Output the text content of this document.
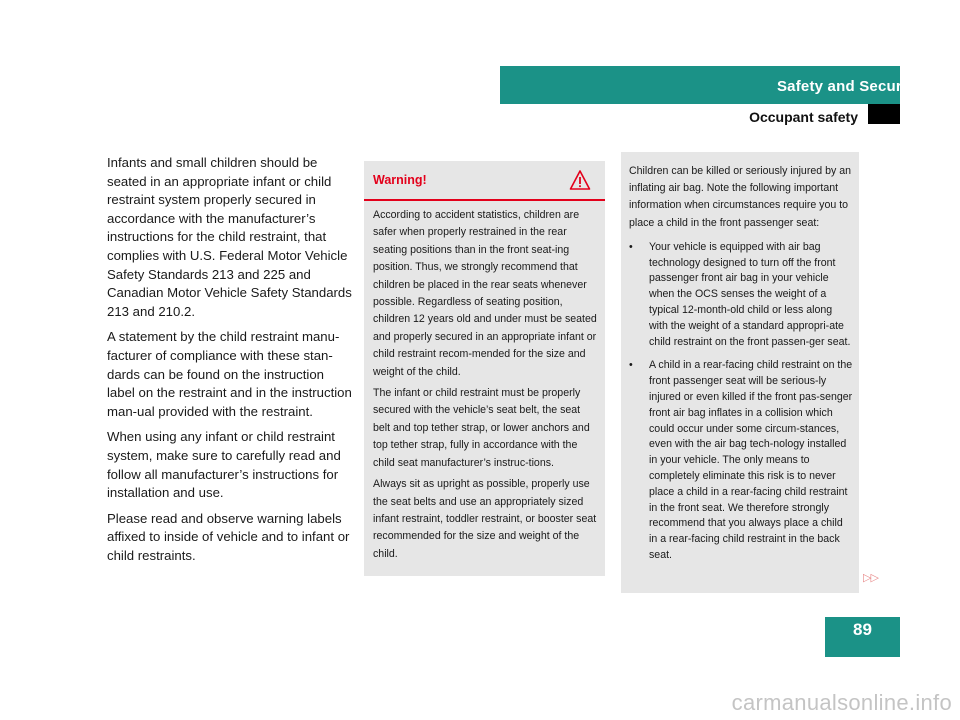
Safety and Security
Occupant safety

Infants and small children should be seated in an appropriate infant or child restraint system properly secured in accordance with the manufacturer’s instructions for the child restraint, that complies with U.S. Federal Motor Vehicle Safety Standards 213 and 225 and Canadian Motor Vehicle Safety Standards 213 and 210.2.

A statement by the child restraint manu-facturer of compliance with these stan-dards can be found on the instruction label on the restraint and in the instruction man-ual provided with the restraint.

When using any infant or child restraint system, make sure to carefully read and follow all manufacturer’s instructions for installation and use.

Please read and observe warning labels affixed to inside of vehicle and to infant or child restraints.

Warning!

According to accident statistics, children are safer when properly restrained in the rear seating positions than in the front seat-ing position. Thus, we strongly recommend that children be placed in the rear seats whenever possible. Regardless of seating position, children 12 years old and under must be seated and properly secured in an appropriate infant or child restraint recom-mended for the size and weight of the child.

The infant or child restraint must be properly secured with the vehicle’s seat belt, the seat belt and top tether strap, or lower anchors and top tether strap, fully in accordance with the child seat manufacturer’s instruc-tions.

Always sit as upright as possible, properly use the seat belts and use an appropriately sized infant restraint, toddler restraint, or booster seat recommended for the size and weight of the child.

Children can be killed or seriously injured by an inflating air bag. Note the following important information when circumstances require you to place a child in the front passenger seat:

• Your vehicle is equipped with air bag technology designed to turn off the front passenger front air bag in your vehicle when the OCS senses the weight of a typical 12-month-old child or less along with the weight of a standard appropri-ate child restraint on the front passen-ger seat.
• A child in a rear-facing child restraint on the front passenger seat will be serious-ly injured or even killed if the front pas-senger front air bag inflates in a collision which could occur under some circum-stances, even with the air bag tech-nology installed in your vehicle. The only means to completely eliminate this risk is to never place a child in a rear-facing child restraint in the front seat. We therefore strongly recommend that you always place a child in a rear-facing child restraint in the back seat.
▷▷
89
carmanualsonline.info
